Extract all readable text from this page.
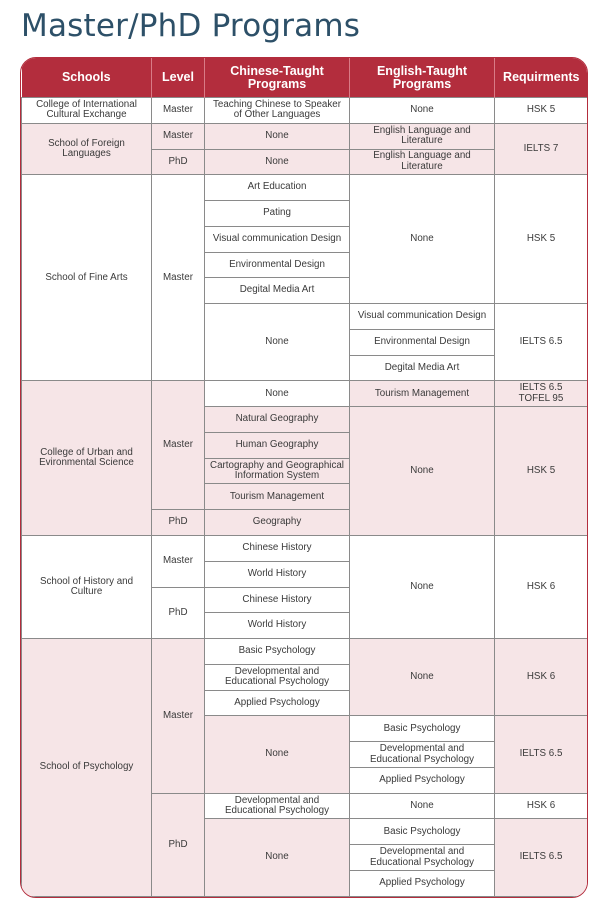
Master/PhD Programs
Schools	Level	Chinese-Taught Programs	English-Taught Programs	Requirments
College of International Cultural Exchange	Master	Teaching Chinese to Speaker of Other Languages	None	HSK 5
School of Foreign Languages	Master	None	English Language and Literature	IELTS 7
	PhD	None	English Language and Literature	
School of Fine Arts	Master	Art Education	None	HSK 5
		Pating		
		Visual communication Design		
		Environmental Design		
		Degital Media Art		
		None	Visual communication Design	IELTS 6.5
			Environmental Design	
			Degital Media Art	
College of Urban and Evironmental Science	Master	None	Tourism Management	IELTS 6.5
TOFEL 95
		Natural Geography	None	HSK 5
		Human Geography		
		Cartography and Geographical Information System		
		Tourism Management		
	PhD	Geography		
School of History and Culture	Master	Chinese History	None	HSK 6
		World History		
	PhD	Chinese History		
		World History		
School of Psychology	Master	Basic Psychology	None	HSK 6
		Developmental and Educational Psychology		
		Applied Psychology		
		None	Basic Psychology	IELTS 6.5
			Developmental and Educational Psychology	
			Applied Psychology	
	PhD	Developmental and Educational Psychology	None	HSK 6
		None	Basic Psychology	IELTS 6.5
			Developmental and Educational Psychology	
			Applied Psychology	
